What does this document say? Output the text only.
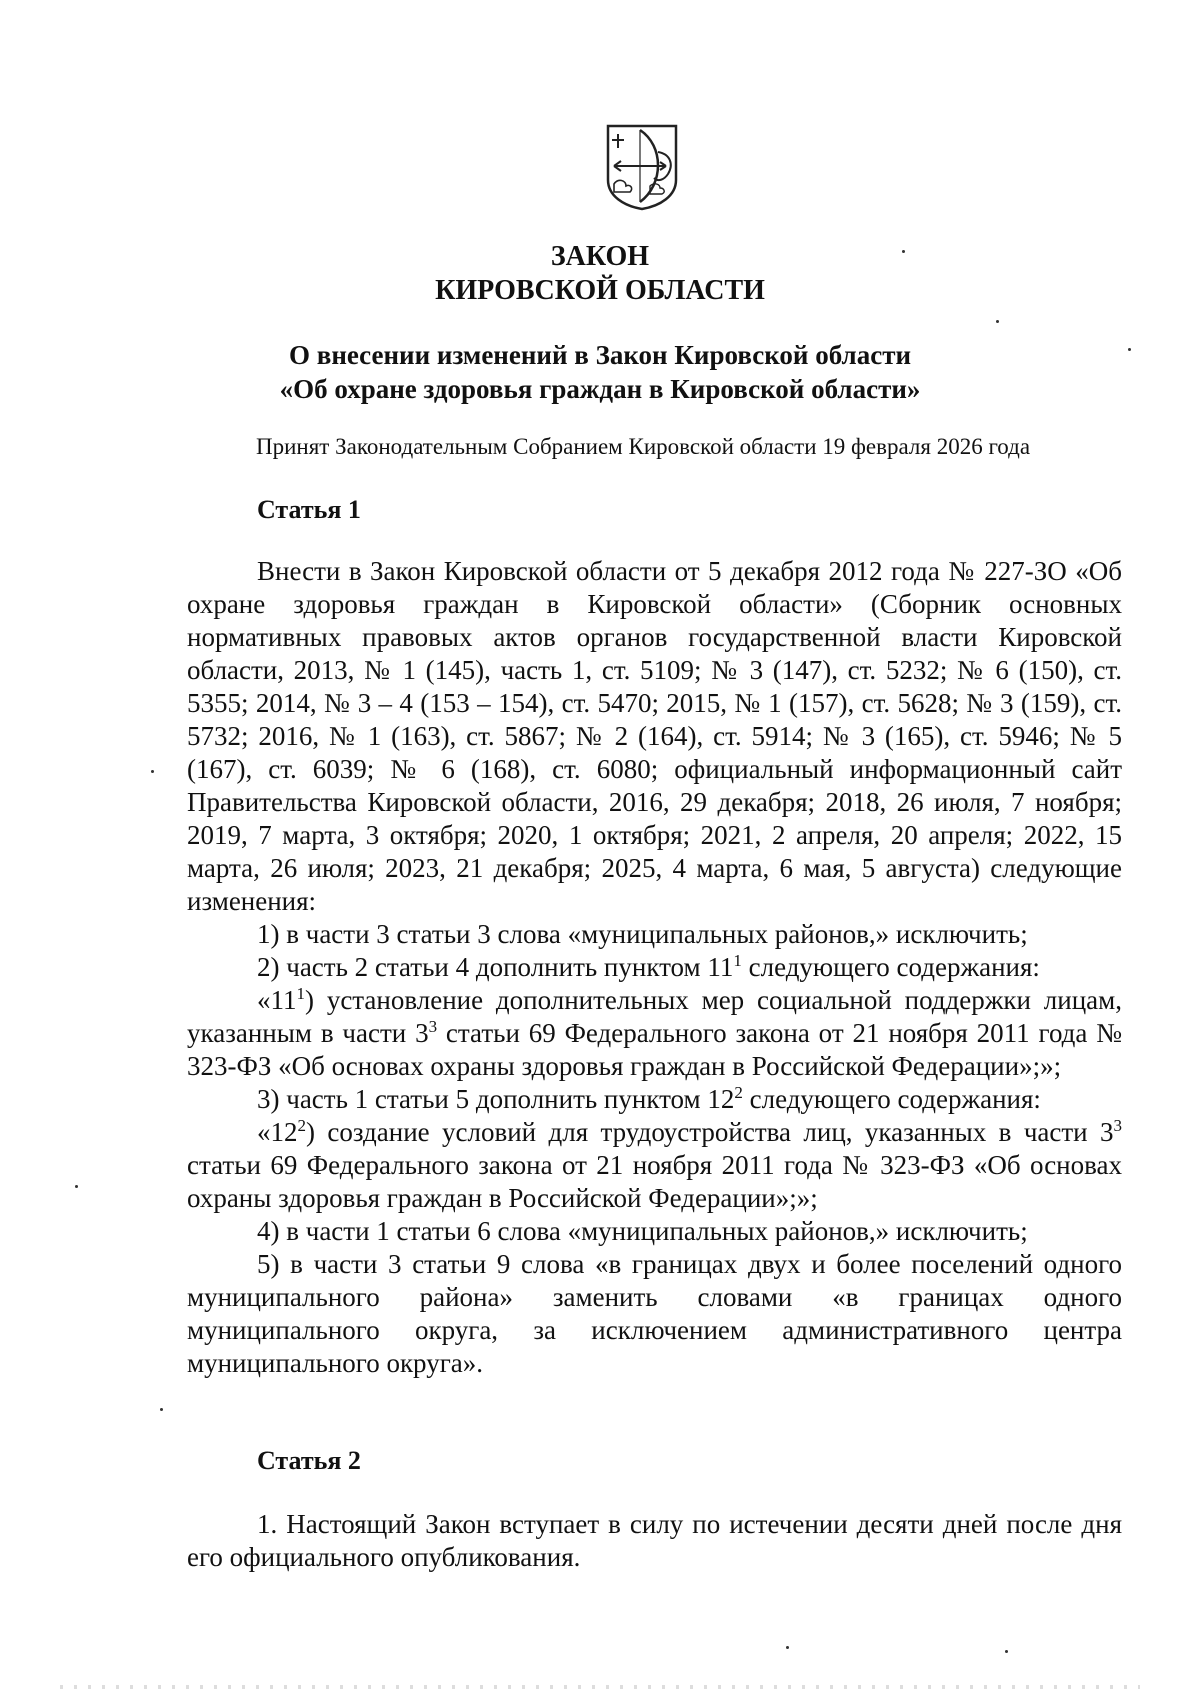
ЗАКОН
КИРОВСКОЙ ОБЛАСТИ
О внесении изменений в Закон Кировской области
«Об охране здоровья граждан в Кировской области»
Принят Законодательным Собранием Кировской области 19 февраля 2026 года
Статья 1

Внести в Закон Кировской области от 5 декабря 2012 года № 227-ЗО «Об охране здоровья граждан в Кировской области» (Сборник основных нормативных правовых актов органов государственной власти Кировской области, 2013, № 1 (145), часть 1, ст. 5109; № 3 (147), ст. 5232; № 6 (150), ст. 5355; 2014, № 3 – 4 (153 – 154), ст. 5470; 2015, № 1 (157), ст. 5628; № 3 (159), ст. 5732; 2016, № 1 (163), ст. 5867; № 2 (164), ст. 5914; № 3 (165), ст. 5946; № 5 (167), ст. 6039; № 6 (168), ст. 6080; официальный информационный сайт Правительства Кировской области, 2016, 29 декабря; 2018, 26 июля, 7 ноября; 2019, 7 марта, 3 октября; 2020, 1 октября; 2021, 2 апреля, 20 апреля; 2022, 15 марта, 26 июля; 2023, 21 декабря; 2025, 4 марта, 6 мая, 5 августа) следующие изменения:

1) в части 3 статьи 3 слова «муниципальных районов,» исключить;

2) часть 2 статьи 4 дополнить пунктом $11^1$ следующего содержания:

«$11^1$) установление дополнительных мер социальной поддержки лицам, указанным в части $3^3$ статьи 69 Федерального закона от 21 ноября 2011 года № 323-ФЗ «Об основах охраны здоровья граждан в Российской Федерации»;»;

3) часть 1 статьи 5 дополнить пунктом $12^2$ следующего содержания:

«$12^2$) создание условий для трудоустройства лиц, указанных в части $3^3$ статьи 69 Федерального закона от 21 ноября 2011 года № 323-ФЗ «Об основах охраны здоровья граждан в Российской Федерации»;»;

4) в части 1 статьи 6 слова «муниципальных районов,» исключить;

5) в части 3 статьи 9 слова «в границах двух и более поселений одного муниципального района» заменить словами «в границах одного муниципального округа, за исключением административного центра муниципального округа».

Статья 2

1. Настоящий Закон вступает в силу по истечении десяти дней после дня его официального опубликования.
